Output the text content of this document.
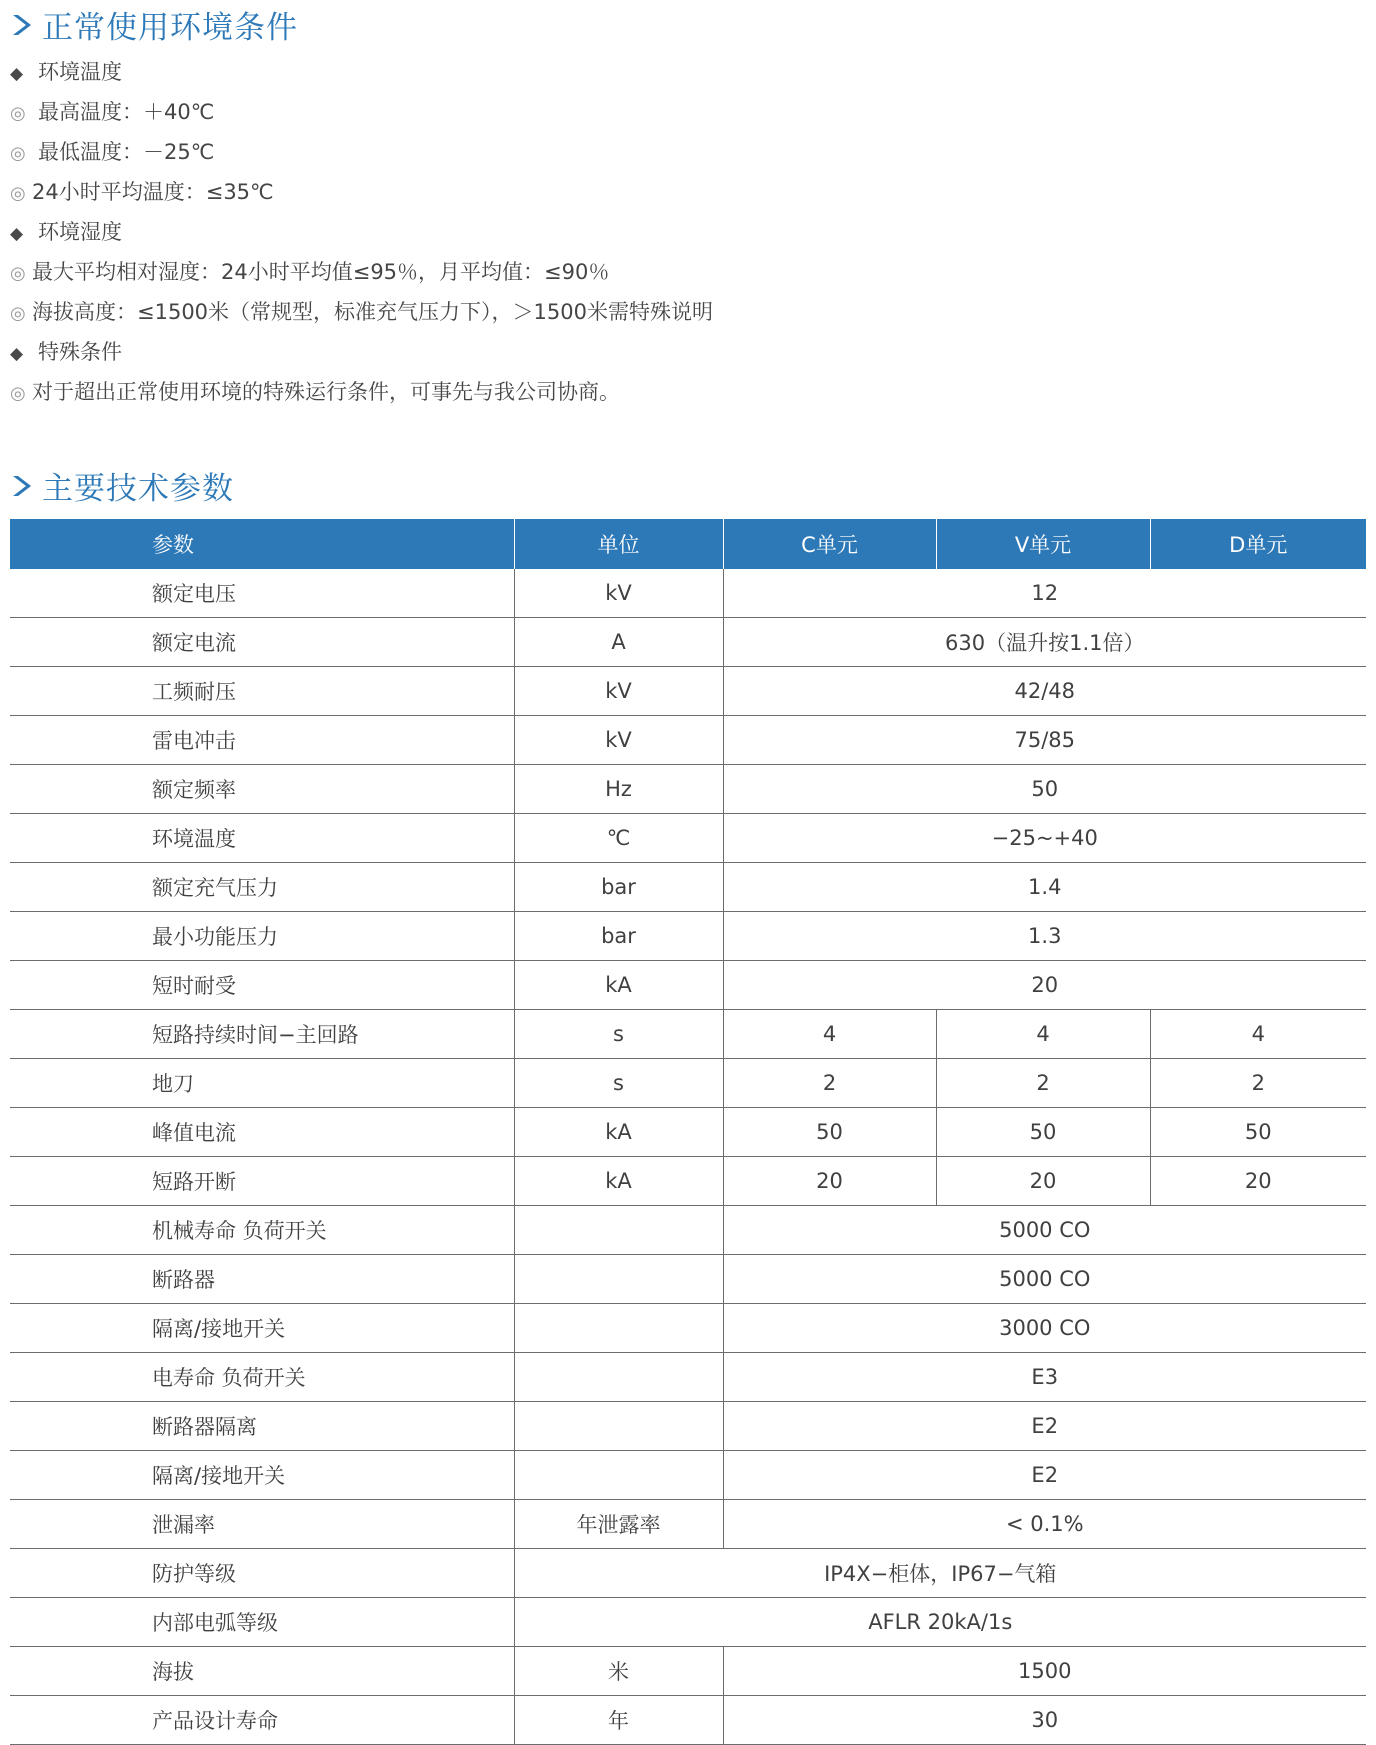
正常使用环境条件
◆ 环境温度
◎ 最高温度：＋40℃
◎ 最低温度：－25℃
◎ 24小时平均温度：≤35℃
◆ 环境湿度
◎ 最大平均相对湿度：24小时平均值≤95％，月平均值：≤90％
◎ 海拔高度：≤1500米（常规型，标准充气压力下），＞1500米需特殊说明
◆ 特殊条件
◎ 对于超出正常使用环境的特殊运行条件，可事先与我公司协商。
主要技术参数
参数	单位	C单元	V单元	D单元
额定电压	kV	12		
额定电流	A	630（温升按1.1倍）		
工频耐压	kV	42/48		
雷电冲击	kV	75/85		
额定频率	Hz	50		
环境温度	℃	−25~+40		
额定充气压力	bar	1.4		
最小功能压力	bar	1.3		
短时耐受	kA	20		
短路持续时间−主回路	s	4	4	4
地刀	s	2	2	2
峰值电流	kA	50	50	50
短路开断	kA	20	20	20
机械寿命 负荷开关		5000 CO		
断路器		5000 CO		
隔离/接地开关		3000 CO		
电寿命 负荷开关		E3		
断路器隔离		E2		
隔离/接地开关		E2		
泄漏率	年泄露率	< 0.1%		
防护等级	IP4X−柜体，IP67−气箱			
内部电弧等级	AFLR 20kA/1s			
海拔	米	1500		
产品设计寿命	年	30		
